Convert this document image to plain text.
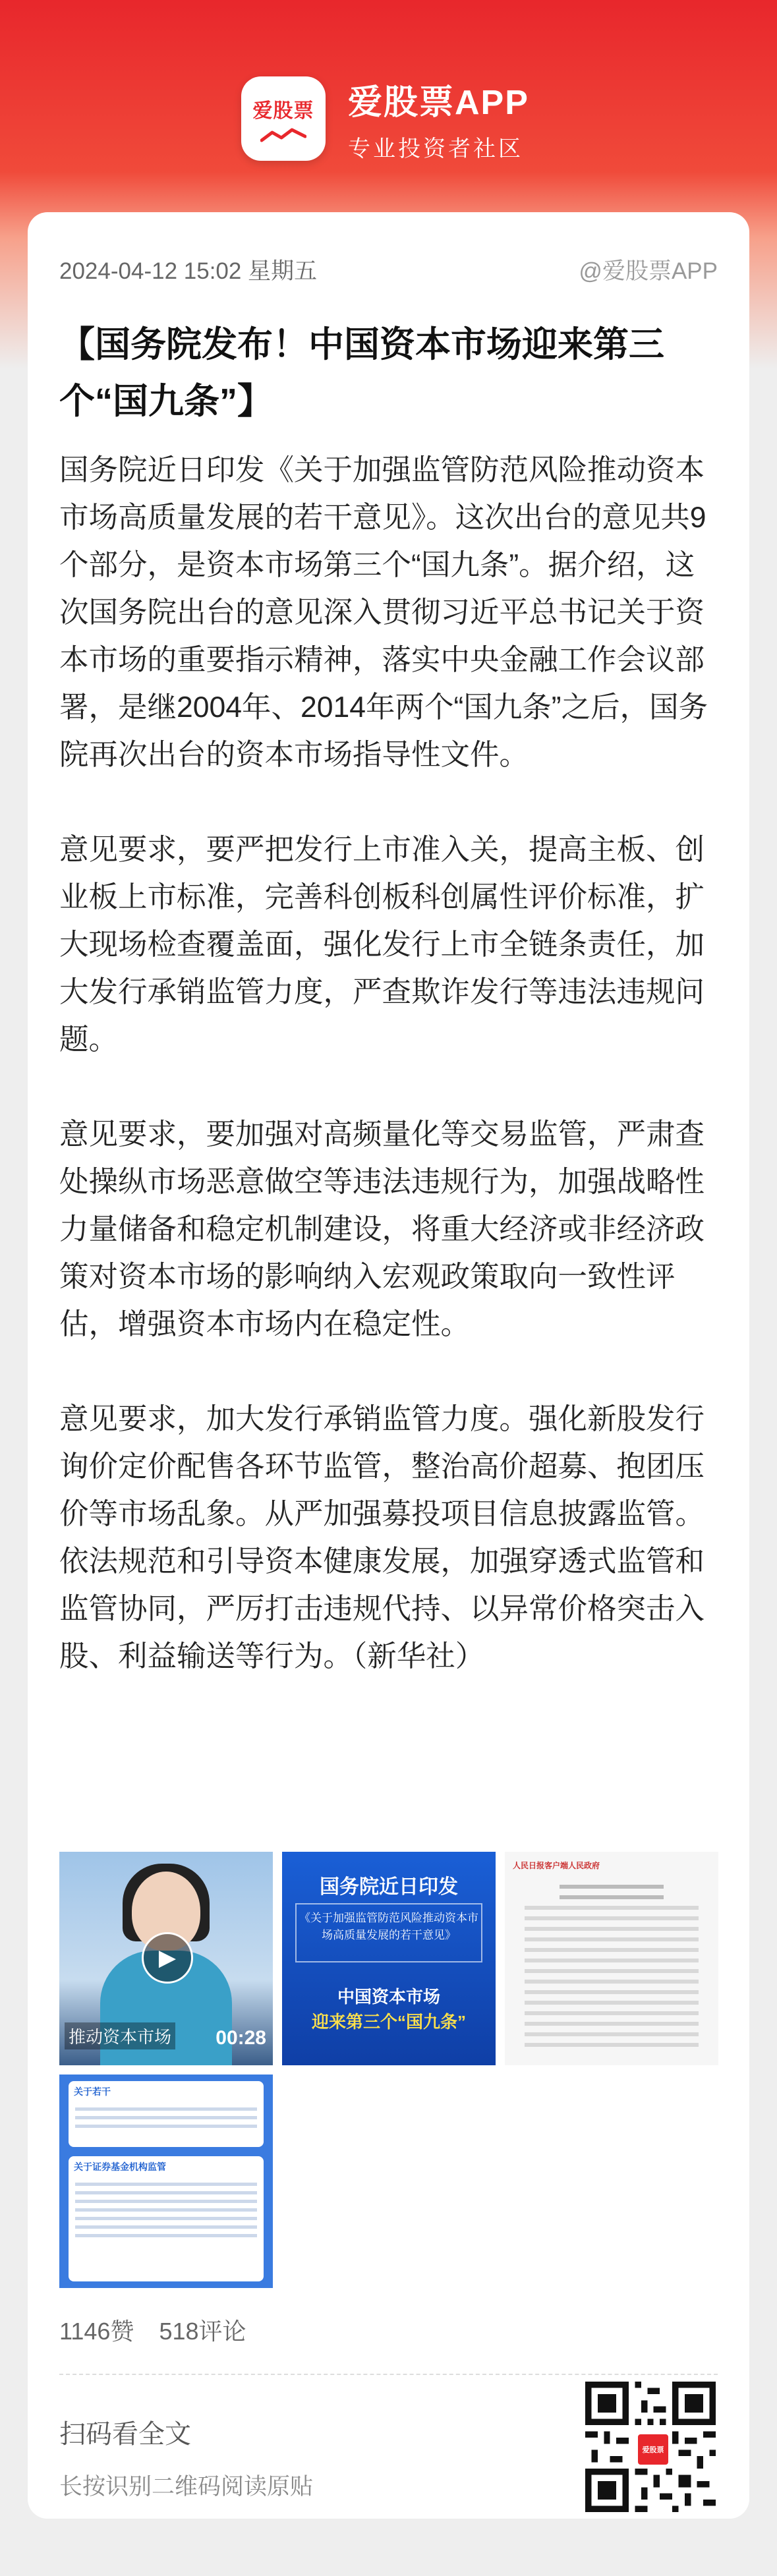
爱股票 爱股票APP
专业投资者社区
2024-04-12 15:02 星期五	@爱股票APP
【国务院发布！中国资本市场迎来第三个“国九条”】

国务院近日印发《关于加强监管防范风险推动资本市场高质量发展的若干意见》。这次出台的意见共9个部分，是资本市场第三个“国九条”。据介绍，这次国务院出台的意见深入贯彻习近平总书记关于资本市场的重要指示精神，落实中央金融工作会议部署，是继2004年、2014年两个“国九条”之后，国务院再次出台的资本市场指导性文件。

意见要求，要严把发行上市准入关，提高主板、创业板上市标准，完善科创板科创属性评价标准，扩大现场检查覆盖面，强化发行上市全链条责任，加大发行承销监管力度，严查欺诈发行等违法违规问题。

意见要求，要加强对高频量化等交易监管，严肃查处操纵市场恶意做空等违法违规行为，加强战略性力量储备和稳定机制建设，将重大经济或非经济政策对资本市场的影响纳入宏观政策取向一致性评估，增强资本市场内在稳定性。

意见要求，加大发行承销监管力度。强化新股发行询价定价配售各环节监管，整治高价超募、抱团压价等市场乱象。从严加强募投项目信息披露监管。依法规范和引导资本健康发展，加强穿透式监管和监管协同，严厉打击违规代持、以异常价格突击入股、利益输送等行为。（新华社）

▶
推动资本市场 00:28
国务院近日印发
《关于加强监管防范风险推动资本市场高质量发展的若干意见》
中国资本市场
迎来第三个“国九条”
人民日报客户端人民政府
关于若干
关于证券基金机构监管
1146赞 518评论
扫码看全文
长按识别二维码阅读原贴
爱股票
